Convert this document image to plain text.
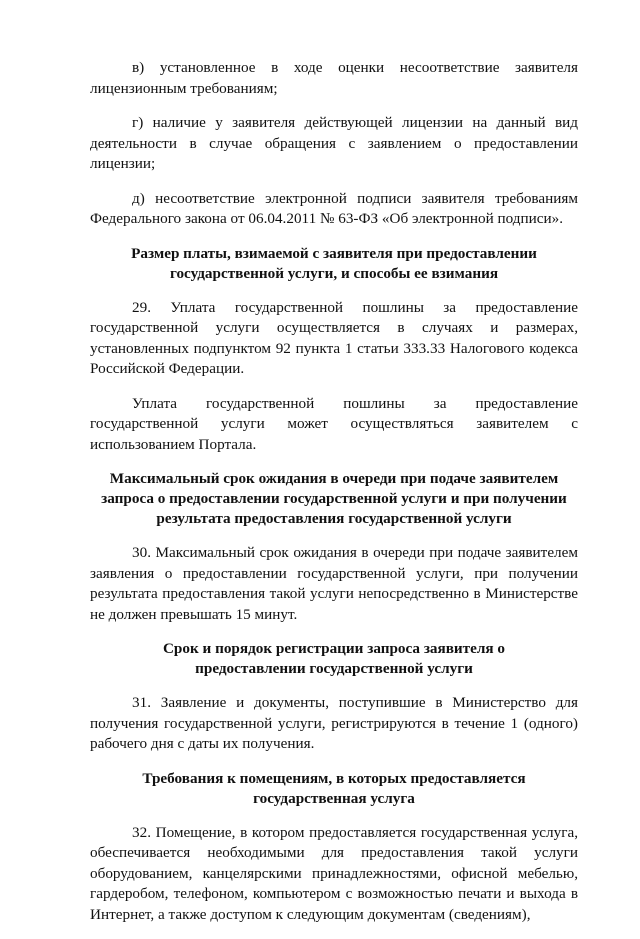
в) установленное в ходе оценки несоответствие заявителя лицензионным требованиям;

г) наличие у заявителя действующей лицензии на данный вид деятельности в случае обращения с заявлением о предоставлении лицензии;

д) несоответствие электронной подписи заявителя требованиям Федерального закона от 06.04.2011 № 63-ФЗ «Об электронной подписи».

Размер платы, взимаемой с заявителя при предоставлении
государственной услуги, и способы ее взимания

29. Уплата государственной пошлины за предоставление государственной услуги осуществляется в случаях и размерах, установленных подпунктом 92 пункта 1 статьи 333.33 Налогового кодекса Российской Федерации.

Уплата государственной пошлины за предоставление государственной услуги может осуществляться заявителем с использованием Портала.

Максимальный срок ожидания в очереди при подаче заявителем
запроса о предоставлении государственной услуги и при получении
результата предоставления государственной услуги

30. Максимальный срок ожидания в очереди при подаче заявителем заявления о предоставлении государственной услуги, при получении результата предоставления такой услуги непосредственно в Министерстве не должен превышать 15 минут.

Срок и порядок регистрации запроса заявителя о
предоставлении государственной услуги

31. Заявление и документы, поступившие в Министерство для получения государственной услуги, регистрируются в течение 1 (одного) рабочего дня с даты их получения.

Требования к помещениям, в которых предоставляется
государственная услуга

32. Помещение, в котором предоставляется государственная услуга, обеспечивается необходимыми для предоставления такой услуги оборудованием, канцелярскими принадлежностями, офисной мебелью, гардеробом, телефоном, компьютером с возможностью печати и выхода в Интернет, а также доступом к следующим документам (сведениям),
